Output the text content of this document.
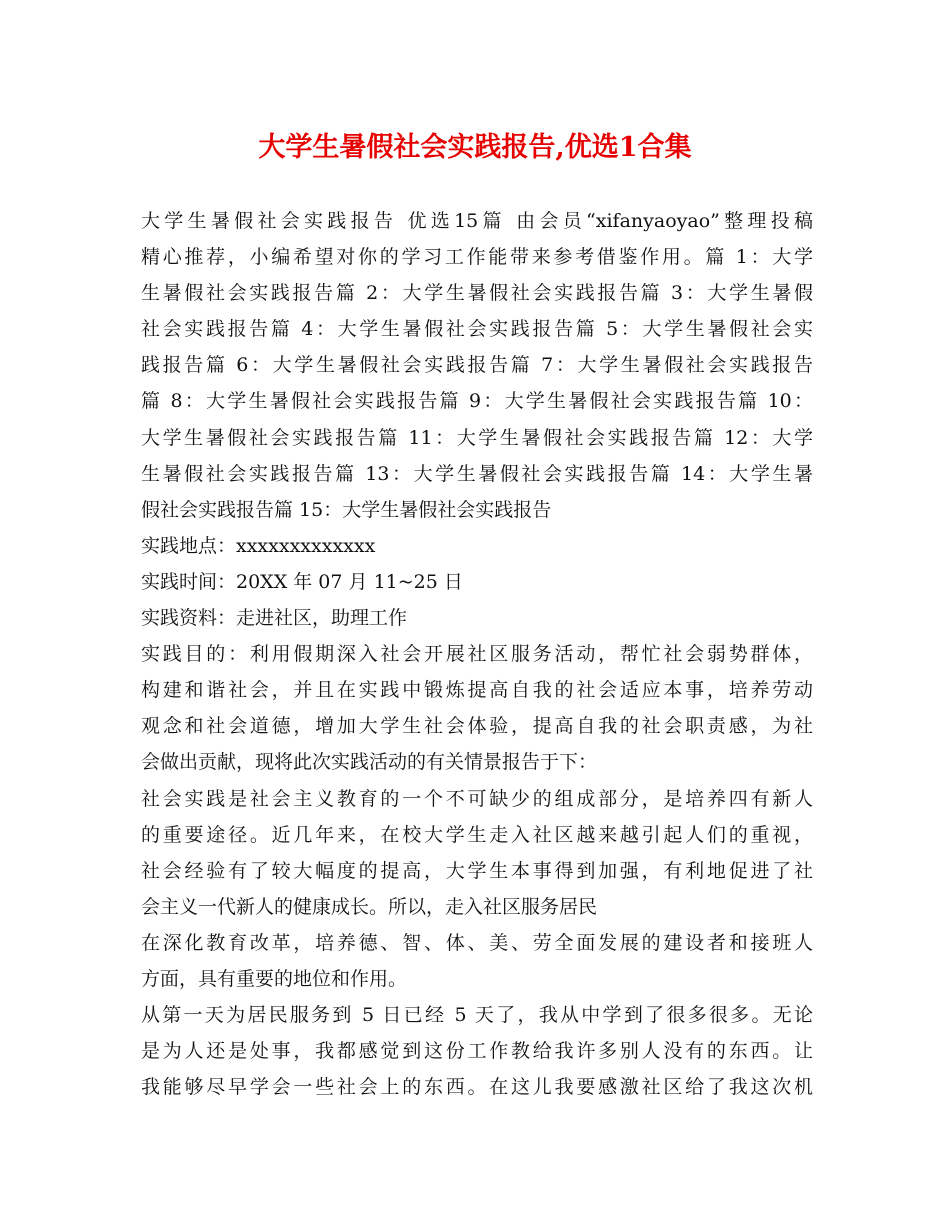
大学生暑假社会实践报告,优选1合集
大学生暑假社会实践报告 优选15篇 由会员“xifanyaoyao”整理投稿
精心推荐，小编希望对你的学习工作能带来参考借鉴作用。篇 1：大学
生暑假社会实践报告篇 2：大学生暑假社会实践报告篇 3：大学生暑假
社会实践报告篇 4：大学生暑假社会实践报告篇 5：大学生暑假社会实
践报告篇 6：大学生暑假社会实践报告篇 7：大学生暑假社会实践报告
篇 8：大学生暑假社会实践报告篇 9：大学生暑假社会实践报告篇 10：
大学生暑假社会实践报告篇 11：大学生暑假社会实践报告篇 12：大学
生暑假社会实践报告篇 13：大学生暑假社会实践报告篇 14：大学生暑
假社会实践报告篇 15：大学生暑假社会实践报告
实践地点：xxxxxxxxxxxxx
实践时间：20XX 年 07 月 11~25 日
实践资料：走进社区，助理工作
实践目的：利用假期深入社会开展社区服务活动，帮忙社会弱势群体，
构建和谐社会，并且在实践中锻炼提高自我的社会适应本事，培养劳动
观念和社会道德，增加大学生社会体验，提高自我的社会职责感，为社
会做出贡献，现将此次实践活动的有关情景报告于下：
社会实践是社会主义教育的一个不可缺少的组成部分，是培养四有新人
的重要途径。近几年来，在校大学生走入社区越来越引起人们的重视，
社会经验有了较大幅度的提高，大学生本事得到加强，有利地促进了社
会主义一代新人的健康成长。所以，走入社区服务居民
在深化教育改革，培养德、智、体、美、劳全面发展的建设者和接班人
方面，具有重要的地位和作用。
从第一天为居民服务到 5 日已经 5 天了，我从中学到了很多很多。无论
是为人还是处事，我都感觉到这份工作教给我许多别人没有的东西。让
我能够尽早学会一些社会上的东西。在这儿我要感激社区给了我这次机
